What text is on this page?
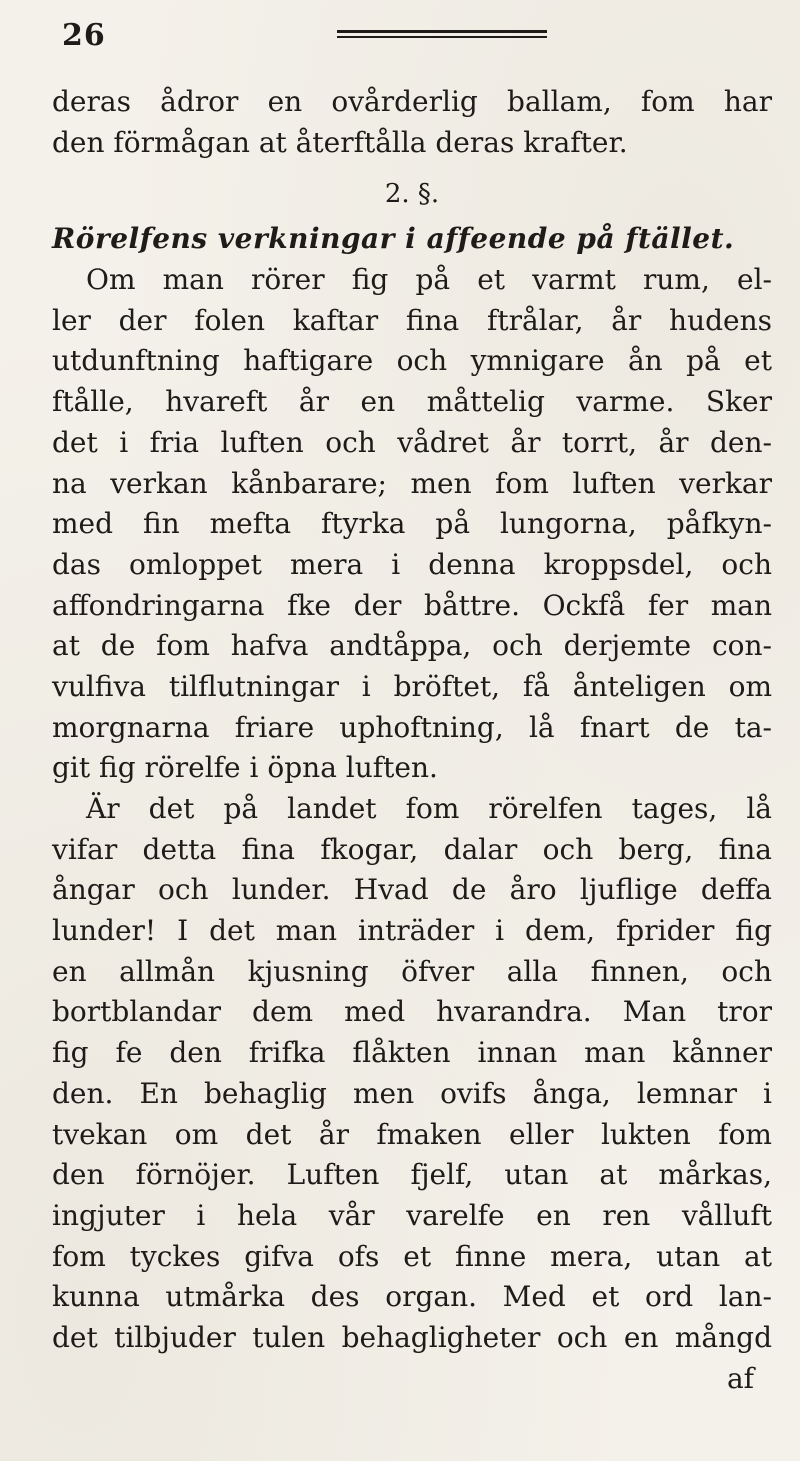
26
deras ådror en ovårderlig ballam, fom har
den förmågan at återftålla deras krafter.
2. §.
Rörelfens verkningar i affeende på ftället.
Om man rörer fig på et varmt rum, el-
ler der folen kaftar fina ftrålar, år hudens
utdunftning haftigare och ymnigare ån på et
ftålle, hvareft år en måttelig varme. Sker
det i fria luften och vådret år torrt, år den-
na verkan kånbarare; men fom luften verkar
med fin mefta ftyrka på lungorna, påfkyn-
das omloppet mera i denna kroppsdel, och
affondringarna fke der båttre. Ockfå fer man
at de fom hafva andtåppa, och derjemte con-
vulfiva tilflutningar i bröftet, få ånteligen om
morgnarna friare uphoftning, lå fnart de ta-
git fig rörelfe i öpna luften.
Är det på landet fom rörelfen tages, lå
vifar detta fina fkogar, dalar och berg, fina
ångar och lunder. Hvad de åro ljuflige deffa
lunder! I det man inträder i dem, fprider fig
en allmån kjusning öfver alla finnen, och
bortblandar dem med hvarandra. Man tror
fig fe den frifka flåkten innan man kånner
den. En behaglig men ovifs ånga, lemnar i
tvekan om det år fmaken eller lukten fom
den förnöjer. Luften fjelf, utan at mårkas,
ingjuter i hela vår varelfe en ren vålluft
fom tyckes gifva ofs et finne mera, utan at
kunna utmårka des organ. Med et ord lan-
det tilbjuder tulen behagligheter och en mångd
af
